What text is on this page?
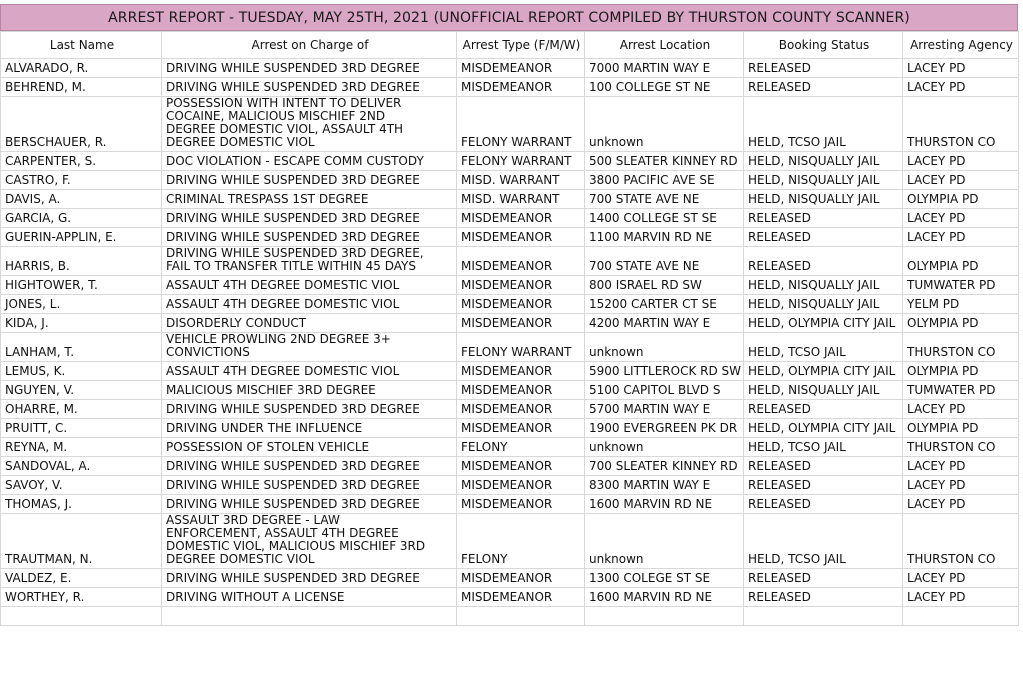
ARREST REPORT - TUESDAY, MAY 25TH, 2021 (UNOFFICIAL REPORT COMPILED BY THURSTON COUNTY SCANNER)
Last Name	Arrest on Charge of	Arrest Type (F/M/W)	Arrest Location	Booking Status	Arresting Agency
ALVARADO, R.	DRIVING WHILE SUSPENDED 3RD DEGREE	MISDEMEANOR	7000 MARTIN WAY E	RELEASED	LACEY PD
BEHREND, M.	DRIVING WHILE SUSPENDED 3RD DEGREE	MISDEMEANOR	100 COLLEGE ST NE	RELEASED	LACEY PD
BERSCHAUER, R.	POSSESSION WITH INTENT TO DELIVER
COCAINE, MALICIOUS MISCHIEF 2ND
DEGREE DOMESTIC VIOL, ASSAULT 4TH
DEGREE DOMESTIC VIOL	FELONY WARRANT	unknown	HELD, TCSO JAIL	THURSTON CO
CARPENTER, S.	DOC VIOLATION - ESCAPE COMM CUSTODY	FELONY WARRANT	500 SLEATER KINNEY RD	HELD, NISQUALLY JAIL	LACEY PD
CASTRO, F.	DRIVING WHILE SUSPENDED 3RD DEGREE	MISD. WARRANT	3800 PACIFIC AVE SE	HELD, NISQUALLY JAIL	LACEY PD
DAVIS, A.	CRIMINAL TRESPASS 1ST DEGREE	MISD. WARRANT	700 STATE AVE NE	HELD, NISQUALLY JAIL	OLYMPIA PD
GARCIA, G.	DRIVING WHILE SUSPENDED 3RD DEGREE	MISDEMEANOR	1400 COLLEGE ST SE	RELEASED	LACEY PD
GUERIN-APPLIN, E.	DRIVING WHILE SUSPENDED 3RD DEGREE	MISDEMEANOR	1100 MARVIN RD NE	RELEASED	LACEY PD
HARRIS, B.	DRIVING WHILE SUSPENDED 3RD DEGREE,
FAIL TO TRANSFER TITLE WITHIN 45 DAYS	MISDEMEANOR	700 STATE AVE NE	RELEASED	OLYMPIA PD
HIGHTOWER, T.	ASSAULT 4TH DEGREE DOMESTIC VIOL	MISDEMEANOR	800 ISRAEL RD SW	HELD, NISQUALLY JAIL	TUMWATER PD
JONES, L.	ASSAULT 4TH DEGREE DOMESTIC VIOL	MISDEMEANOR	15200 CARTER CT SE	HELD, NISQUALLY JAIL	YELM PD
KIDA, J.	DISORDERLY CONDUCT	MISDEMEANOR	4200 MARTIN WAY E	HELD, OLYMPIA CITY JAIL	OLYMPIA PD
LANHAM, T.	VEHICLE PROWLING 2ND DEGREE 3+
CONVICTIONS	FELONY WARRANT	unknown	HELD, TCSO JAIL	THURSTON CO
LEMUS, K.	ASSAULT 4TH DEGREE DOMESTIC VIOL	MISDEMEANOR	5900 LITTLEROCK RD SW	HELD, OLYMPIA CITY JAIL	OLYMPIA PD
NGUYEN, V.	MALICIOUS MISCHIEF 3RD DEGREE	MISDEMEANOR	5100 CAPITOL BLVD S	HELD, NISQUALLY JAIL	TUMWATER PD
OHARRE, M.	DRIVING WHILE SUSPENDED 3RD DEGREE	MISDEMEANOR	5700 MARTIN WAY E	RELEASED	LACEY PD
PRUITT, C.	DRIVING UNDER THE INFLUENCE	MISDEMEANOR	1900 EVERGREEN PK DR	HELD, OLYMPIA CITY JAIL	OLYMPIA PD
REYNA, M.	POSSESSION OF STOLEN VEHICLE	FELONY	unknown	HELD, TCSO JAIL	THURSTON CO
SANDOVAL, A.	DRIVING WHILE SUSPENDED 3RD DEGREE	MISDEMEANOR	700 SLEATER KINNEY RD	RELEASED	LACEY PD
SAVOY, V.	DRIVING WHILE SUSPENDED 3RD DEGREE	MISDEMEANOR	8300 MARTIN WAY E	RELEASED	LACEY PD
THOMAS, J.	DRIVING WHILE SUSPENDED 3RD DEGREE	MISDEMEANOR	1600 MARVIN RD NE	RELEASED	LACEY PD
TRAUTMAN, N.	ASSAULT 3RD DEGREE - LAW
ENFORCEMENT, ASSAULT 4TH DEGREE
DOMESTIC VIOL, MALICIOUS MISCHIEF 3RD
DEGREE DOMESTIC VIOL	FELONY	unknown	HELD, TCSO JAIL	THURSTON CO
VALDEZ, E.	DRIVING WHILE SUSPENDED 3RD DEGREE	MISDEMEANOR	1300 COLEGE ST SE	RELEASED	LACEY PD
WORTHEY, R.	DRIVING WITHOUT A LICENSE	MISDEMEANOR	1600 MARVIN RD NE	RELEASED	LACEY PD
